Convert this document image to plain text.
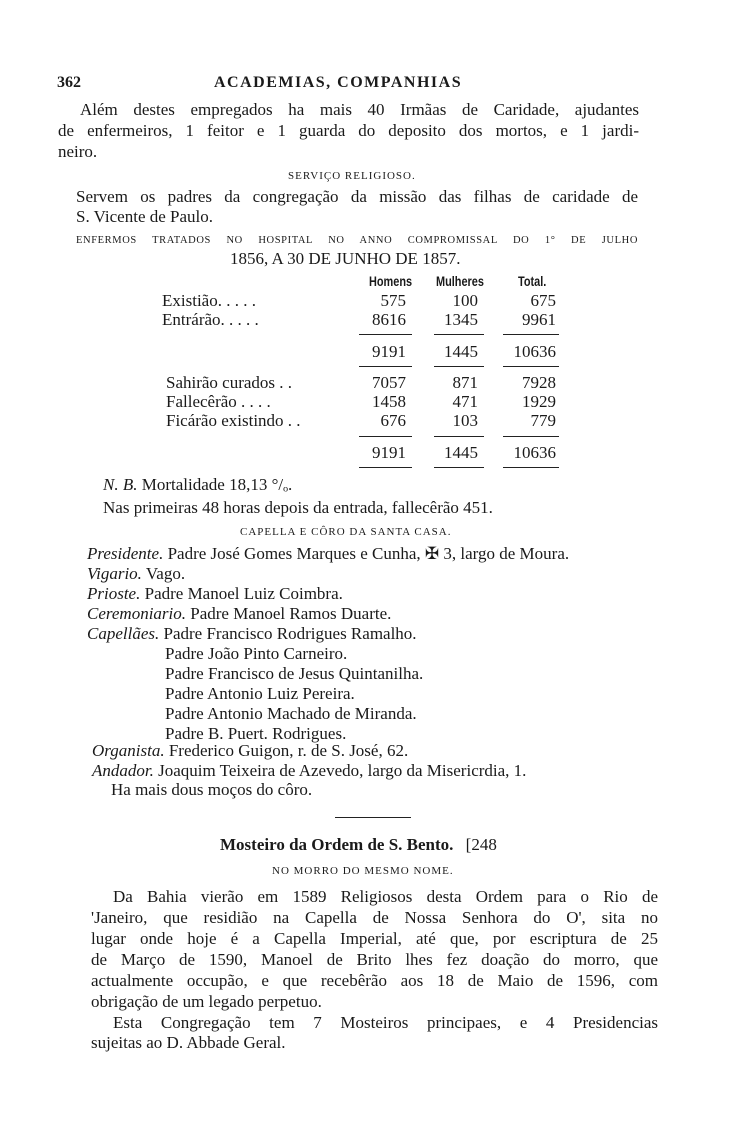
362	ACADEMIAS, COMPANHIAS
Além destes empregados ha mais 40 Irmãas de Caridade, ajudantes
de enfermeiros, 1 feitor e 1 guarda do deposito dos mortos, e 1 jardi-
neiro.
SERVIÇO RELIGIOSO.
Servem os padres da congregação da missão das filhas de caridade de
S. Vicente de Paulo.
ENFERMOS TRATADOS NO HOSPITAL NO ANNO COMPROMISSAL DO 1° DE JULHO
1856, A 30 DE JUNHO DE 1857.
Homens Mulheres Total.
Existião. . . . .	575	100	675
Entrárão. . . . .	8616	1345	9961
9191	1445	10636
Sahirão curados . .	7057	871	7928
Fallecêrão . . . .	1458	471	1929
Ficárão existindo . .	676	103	779
9191	1445	10636
N. B. Mortalidade 18,13 °/ₒ.
Nas primeiras 48 horas depois da entrada, fallecêrão 451.
CAPELLA E CÔRO DA SANTA CASA.
Presidente. Padre José Gomes Marques e Cunha, ✠ 3, largo de Moura.
Vigario. Vago.
Prioste. Padre Manoel Luiz Coimbra.
Ceremoniario. Padre Manoel Ramos Duarte.
Capellães. Padre Francisco Rodrigues Ramalho.
Padre João Pinto Carneiro.
Padre Francisco de Jesus Quintanilha.
Padre Antonio Luiz Pereira.
Padre Antonio Machado de Miranda.
Padre B. Puert. Rodrigues.
Organista. Frederico Guigon, r. de S. José, 62.
Andador. Joaquim Teixeira de Azevedo, largo da Misericrdia, 1.
Ha mais dous moços do côro.
Mosteiro da Ordem de S. Bento. [248
NO MORRO DO MESMO NOME.
Da Bahia vierão em 1589 Religiosos desta Ordem para o Rio de
'Janeiro, que residião na Capella de Nossa Senhora do O', sita no
lugar onde hoje é a Capella Imperial, até que, por escriptura de 25
de Março de 1590, Manoel de Brito lhes fez doação do morro, que
actualmente occupão, e que recebêrão aos 18 de Maio de 1596, com
obrigação de um legado perpetuo.
Esta Congregação tem 7 Mosteiros principaes, e 4 Presidencias
sujeitas ao D. Abbade Geral.
